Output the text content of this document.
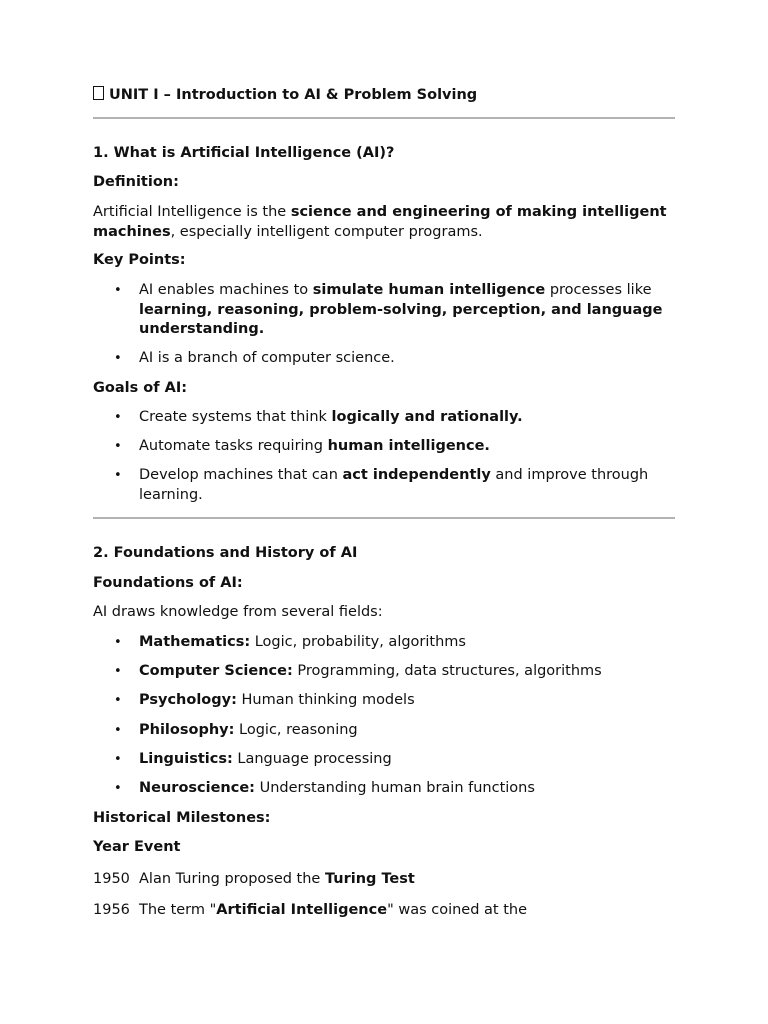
UNIT I – Introduction to AI & Problem Solving
1. What is Artificial Intelligence (AI)?
Definition:
Artificial Intelligence is the science and engineering of making intelligent machines, especially intelligent computer programs.
Key Points:
• AI enables machines to simulate human intelligence processes like learning, reasoning, problem-solving, perception, and language understanding.
• AI is a branch of computer science.
Goals of AI:
• Create systems that think logically and rationally.
• Automate tasks requiring human intelligence.
• Develop machines that can act independently and improve through learning.
2. Foundations and History of AI
Foundations of AI:
AI draws knowledge from several fields:
• Mathematics: Logic, probability, algorithms
• Computer Science: Programming, data structures, algorithms
• Psychology: Human thinking models
• Philosophy: Logic, reasoning
• Linguistics: Language processing
• Neuroscience: Understanding human brain functions
Historical Milestones:
Year Event
1950 Alan Turing proposed the Turing Test
1956 The term "Artificial Intelligence" was coined at the
